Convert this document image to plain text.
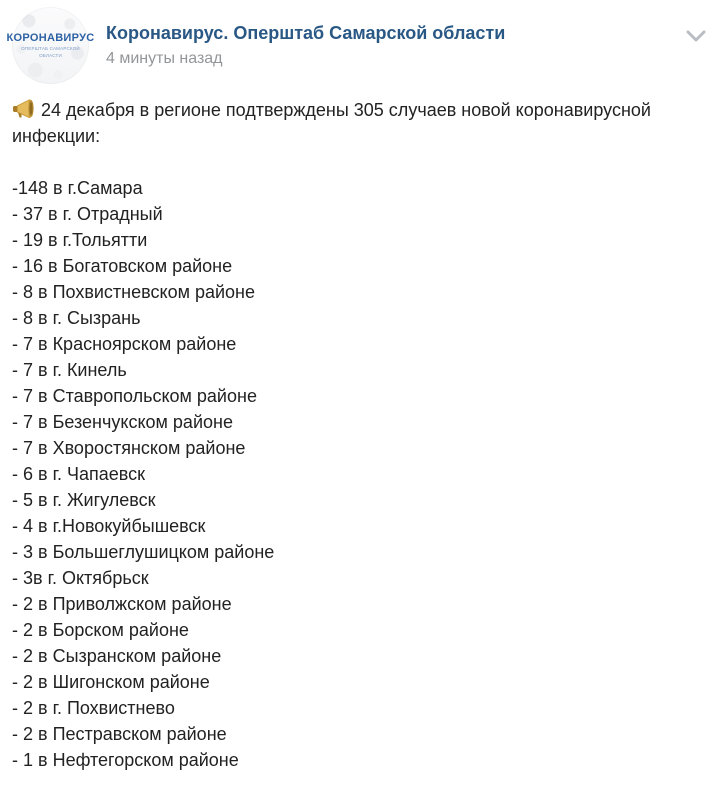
КОРОНАВИРУС
ОПЕРШТАБ САМАРСКОЙ ОБЛАСТИ
Коронавирус. Оперштаб Самарской области
4 минуты назад

24 декабря в регионе подтверждены 305 случаев новой коронавирусной инфекции:

-148 в г.Самара
- 37 в г. Отрадный
- 19 в г.Тольятти
- 16 в Богатовском районе
- 8 в Похвистневском районе
- 8 в г. Сызрань
- 7 в Красноярском районе
- 7 в г. Кинель
- 7 в Ставропольском районе
- 7 в Безенчукском районе
- 7 в Хворостянском районе
- 6 в г. Чапаевск
- 5 в г. Жигулевск
- 4 в г.Новокуйбышевск
- 3 в Большеглушицком районе
- 3в г. Октябрьск
- 2 в Приволжском районе
- 2 в Борском районе
- 2 в Сызранском районе
- 2 в Шигонском районе
- 2 в г. Похвистнево
- 2 в Пестравском районе
- 1 в Нефтегорском районе
